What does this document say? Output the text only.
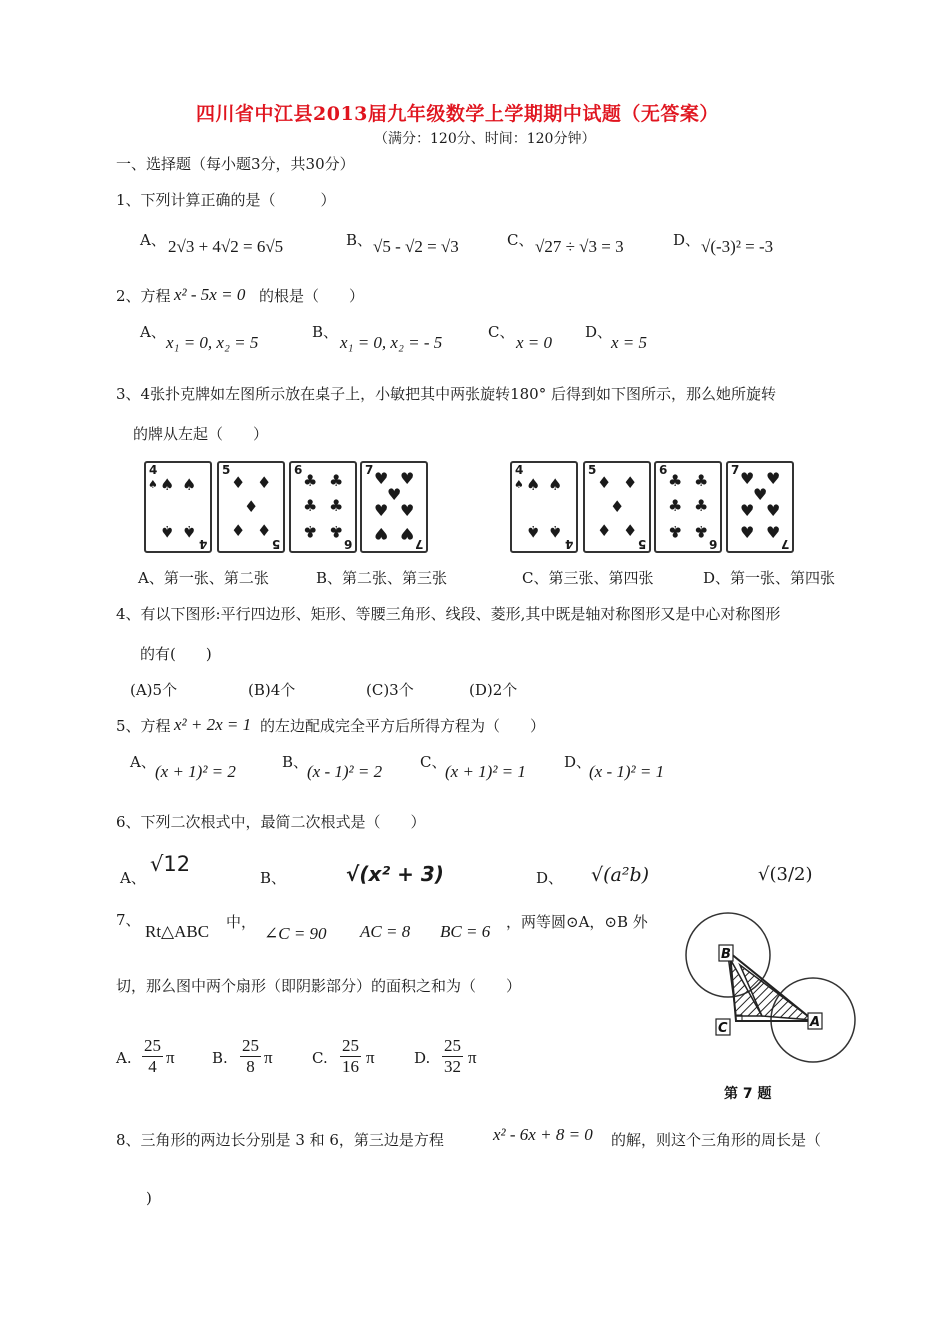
四川省中江县2013届九年级数学上学期期中试题（无答案）
（满分：120分、时间：120分钟）
一、选择题（每小题3分，共30分）
1、下列计算正确的是（　　　）
A、 2√3 + 4√2 = 6√5	B、 √5 - √2 = √3	C、 √27 ÷ √3 = 3	D、 √(-3)² = -3
2、方程 x² - 5x = 0 的根是（　　）
A、
x₁ = 0, x₂ = 5
B、
x₁ = 0, x₂ = - 5
C、
x = 0
D、
x = 5
3、4张扑克牌如左图所示放在桌子上，小敏把其中两张旋转180° 后得到如下图所示，那么她所旋转
的牌从左起（　　）
4
♠ ♠ ♠
♠ ♠
4
5
♦ ♦
♦
♦ ♦
5
6
♣ ♣
♣ ♣
♣ ♣
6
7 ♥ ♥
♥
♥ ♥
♥ ♥
7
4
♠ ♠ ♠
♠ ♠
4
5
♦ ♦
♦
♦ ♦
5
6
♣ ♣
♣ ♣
♣ ♣
6
7 ♥ ♥
♥
♥ ♥
♥ ♥
7
A、第一张、第二张	B、第二张、第三张	C、第三张、第四张	D、第一张、第四张
4、有以下图形:平行四边形、矩形、等腰三角形、线段、菱形,其中既是轴对称图形又是中心对称图形
的有(　　)
(A)5个	(B)4个	(C)3个	(D)2个
5、方程 x² + 2x = 1 的左边配成完全平方后所得方程为（　　）
A、 (x + 1)² = 2	B、
(x - 1)² = 2	C、
(x + 1)² = 1	D、
(x - 1)² = 1
6、下列二次根式中，最简二次根式是（　　）
A、
√12
B、	√(x² + 3)	D、 √(a²b)	√(3/2)
7、
Rt△ABC 中，
∠C = 90 AC = 8 BC = 6 ，两等圆⊙A，⊙B 外
切，那么图中两个扇形（即阴影部分）的面积之和为（　　）
A. $\frac{25}{4}$ π B. $\frac{25}{8}$ π	C. $\frac{25}{16}$ π	D. $\frac{25}{32}$ π
B
C	A
第 7 题
8、三角形的两边长分别是 3 和 6，第三边是方程	x² - 6x + 8 = 0 的解，则这个三角形的周长是（
)
